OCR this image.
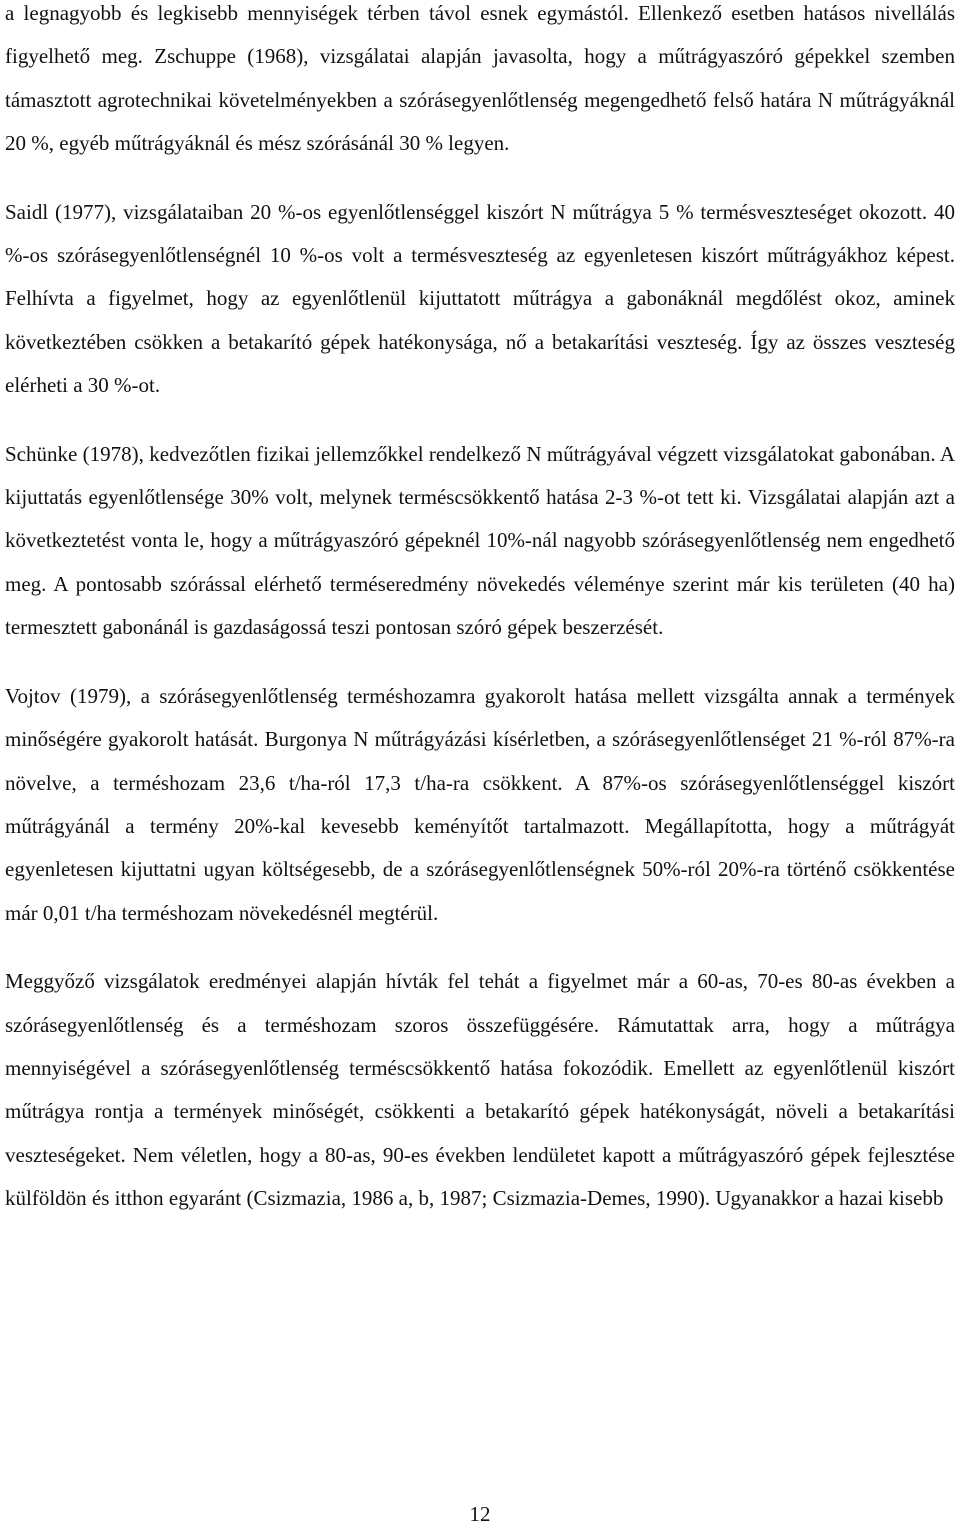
a legnagyobb és legkisebb mennyiségek térben távol esnek egymástól. Ellenkező esetben hatásos nivellálás figyelhető meg. Zschuppe (1968), vizsgálatai alapján javasolta, hogy a műtrágyaszóró gépekkel szemben támasztott agrotechnikai követelményekben a szórásegyenlőtlenség megengedhető felső határa N műtrágyáknál 20 %, egyéb műtrágyáknál és mész szórásánál 30 % legyen.

Saidl (1977), vizsgálataiban 20 %-os egyenlőtlenséggel kiszórt N műtrágya 5 % termésveszteséget okozott. 40 %-os szórásegyenlőtlenségnél 10 %-os volt a termésveszteség az egyenletesen kiszórt műtrágyákhoz képest. Felhívta a figyelmet, hogy az egyenlőtlenül kijuttatott műtrágya a gabonáknál megdőlést okoz, aminek következtében csökken a betakarító gépek hatékonysága, nő a betakarítási veszteség. Így az összes veszteség elérheti a 30 %-ot.

Schünke (1978), kedvezőtlen fizikai jellemzőkkel rendelkező N műtrágyával végzett vizsgálatokat gabonában. A kijuttatás egyenlőtlensége 30% volt, melynek terméscsökkentő hatása 2-3 %-ot tett ki. Vizsgálatai alapján azt a következtetést vonta le, hogy a műtrágyaszóró gépeknél 10%-nál nagyobb szórásegyenlőtlenség nem engedhető meg. A pontosabb szórással elérhető terméseredmény növekedés véleménye szerint már kis területen (40 ha) termesztett gabonánál is gazdaságossá teszi pontosan szóró gépek beszerzését.

Vojtov (1979), a szórásegyenlőtlenség terméshozamra gyakorolt hatása mellett vizsgálta annak a termények minőségére gyakorolt hatását. Burgonya N műtrágyázási kísérletben, a szórásegyenlőtlenséget 21 %-ról 87%-ra növelve, a terméshozam 23,6 t/ha-ról 17,3 t/ha-ra csökkent. A 87%-os szórásegyenlőtlenséggel kiszórt műtrágyánál a termény 20%-kal kevesebb keményítőt tartalmazott. Megállapította, hogy a műtrágyát egyenletesen kijuttatni ugyan költségesebb, de a szórásegyenlőtlenségnek 50%-ról 20%-ra történő csökkentése már 0,01 t/ha terméshozam növekedésnél megtérül.

Meggyőző vizsgálatok eredményei alapján hívták fel tehát a figyelmet már a 60-as, 70-es 80-as években a szórásegyenlőtlenség és a terméshozam szoros összefüggésére. Rámutattak arra, hogy a műtrágya mennyiségével a szórásegyenlőtlenség terméscsökkentő hatása fokozódik. Emellett az egyenlőtlenül kiszórt műtrágya rontja a termények minőségét, csökkenti a betakarító gépek hatékonyságát, növeli a betakarítási veszteségeket. Nem véletlen, hogy a 80-as, 90-es években lendületet kapott a műtrágyaszóró gépek fejlesztése külföldön és itthon egyaránt (Csizmazia, 1986 a, b, 1987; Csizmazia-Demes, 1990). Ugyanakkor a hazai kisebb

12
